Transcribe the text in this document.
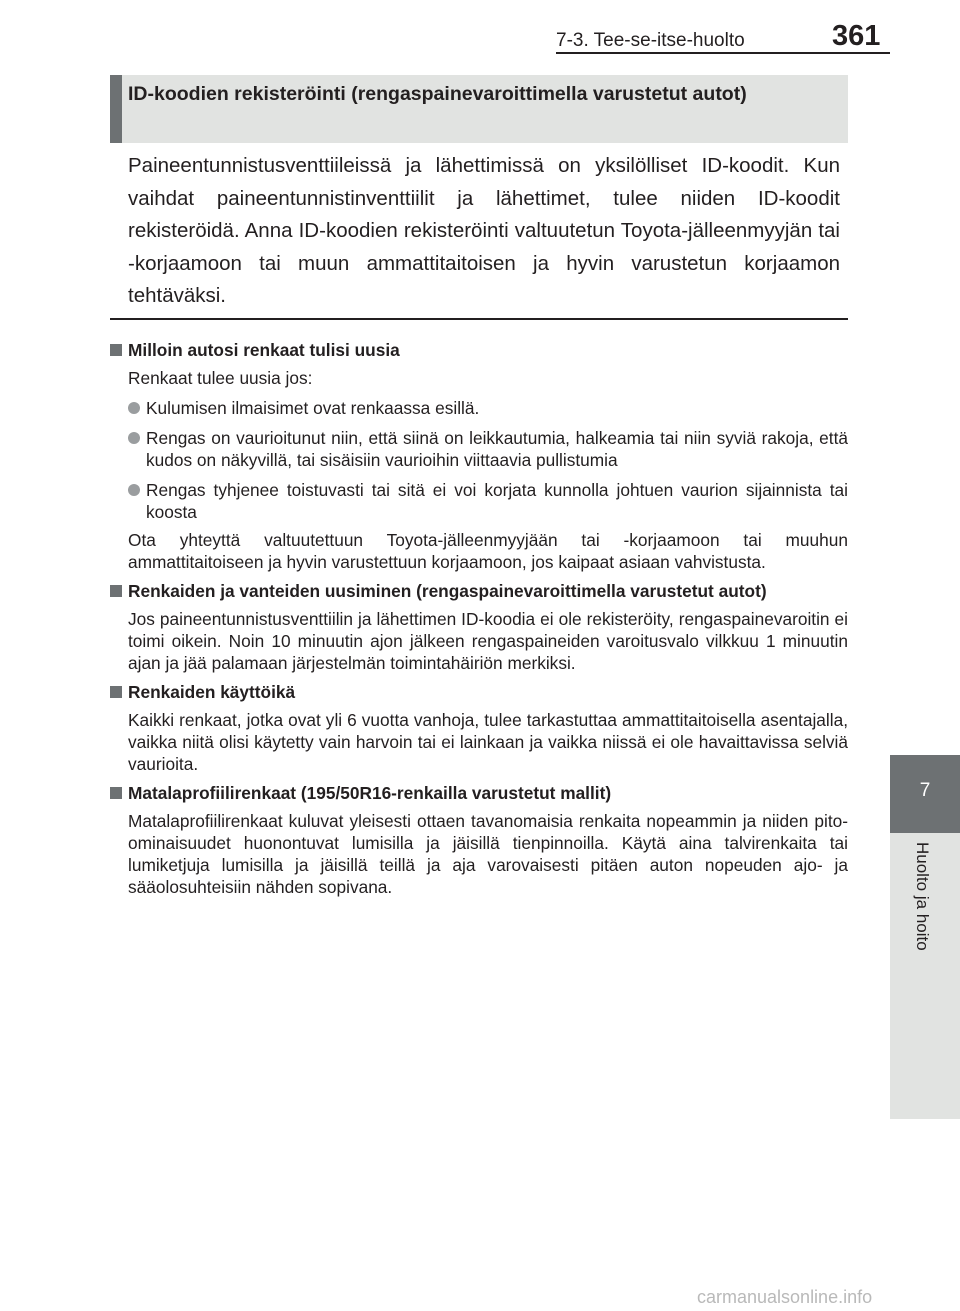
7-3. Tee-se-itse-huolto	361
7
Huolto ja hoito
ID-koodien rekisteröinti (rengaspainevaroittimella varustetut autot)
Paineentunnistusventtiileissä ja lähettimissä on yksilölliset ID-koodit. Kun vaihdat paineentunnistinventtiilit ja lähettimet, tulee niiden ID-koodit rekisteröidä. Anna ID-koodien rekisteröinti valtuutetun Toyota-jälleenmyyjän tai -korjaamoon tai muun ammattitaitoisen ja hyvin varustetun korjaamon tehtäväksi.
Milloin autosi renkaat tulisi uusia
Renkaat tulee uusia jos:
Kulumisen ilmaisimet ovat renkaassa esillä.
Rengas on vaurioitunut niin, että siinä on leikkautumia, halkeamia tai niin syviä rakoja, että kudos on näkyvillä, tai sisäisiin vaurioihin viittaavia pullistumia
Rengas tyhjenee toistuvasti tai sitä ei voi korjata kunnolla johtuen vaurion sijainnista tai koosta
Ota yhteyttä valtuutettuun Toyota-jälleenmyyjään tai -korjaamoon tai muuhun ammattitaitoiseen ja hyvin varustettuun korjaamoon, jos kaipaat asiaan vahvistusta.
Renkaiden ja vanteiden uusiminen (rengaspainevaroittimella varustetut autot)
Jos paineentunnistusventtiilin ja lähettimen ID-koodia ei ole rekisteröity, rengaspainevaroitin ei toimi oikein. Noin 10 minuutin ajon jälkeen rengaspaineiden varoitusvalo vilkkuu 1 minuutin ajan ja jää palamaan järjestelmän toimintahäiriön merkiksi.
Renkaiden käyttöikä
Kaikki renkaat, jotka ovat yli 6 vuotta vanhoja, tulee tarkastuttaa ammattitaitoisella asentajalla, vaikka niitä olisi käytetty vain harvoin tai ei lainkaan ja vaikka niissä ei ole havaittavissa selviä vaurioita.
Matalaprofiilirenkaat (195/50R16-renkailla varustetut mallit)
Matalaprofiilirenkaat kuluvat yleisesti ottaen tavanomaisia renkaita nopeammin ja niiden pito-ominaisuudet huonontuvat lumisilla ja jäisillä tienpinnoilla. Käytä aina talvirenkaita tai lumiketjuja lumisilla ja jäisillä teillä ja aja varovaisesti pitäen auton nopeuden ajo- ja sääolosuhteisiin nähden sopivana.
carmanualsonline.info
